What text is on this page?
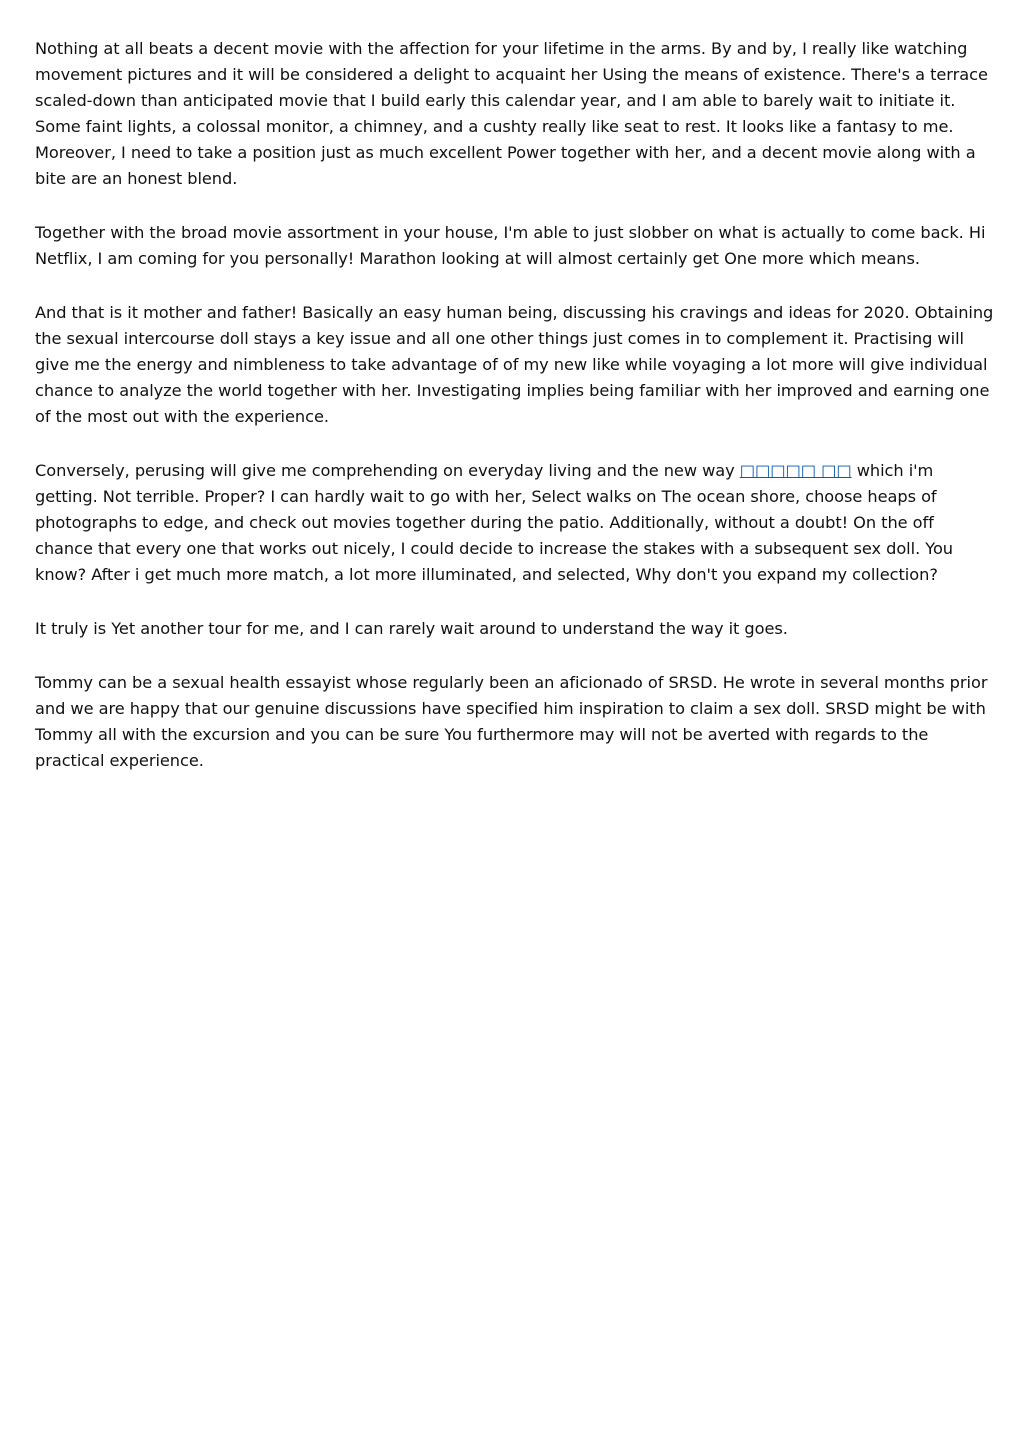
Nothing at all beats a decent movie with the affection for your lifetime in the arms. By and by, I really like watching movement pictures and it will be considered a delight to acquaint her Using the means of existence. There's a terrace scaled-down than anticipated movie that I build early this calendar year, and I am able to barely wait to initiate it. Some faint lights, a colossal monitor, a chimney, and a cushty really like seat to rest. It looks like a fantasy to me. Moreover, I need to take a position just as much excellent Power together with her, and a decent movie along with a bite are an honest blend.

Together with the broad movie assortment in your house, I'm able to just slobber on what is actually to come back. Hi Netflix, I am coming for you personally! Marathon looking at will almost certainly get One more which means.

And that is it mother and father! Basically an easy human being, discussing his cravings and ideas for 2020. Obtaining the sexual intercourse doll stays a key issue and all one other things just comes in to complement it. Practising will give me the energy and nimbleness to take advantage of of my new like while voyaging a lot more will give individual chance to analyze the world together with her. Investigating implies being familiar with her improved and earning one of the most out with the experience.

Conversely, perusing will give me comprehending on everyday living and the new way □□□□□ □□ which i'm getting. Not terrible. Proper? I can hardly wait to go with her, Select walks on The ocean shore, choose heaps of photographs to edge, and check out movies together during the patio. Additionally, without a doubt! On the off chance that every one that works out nicely, I could decide to increase the stakes with a subsequent sex doll. You know? After i get much more match, a lot more illuminated, and selected, Why don't you expand my collection?

It truly is Yet another tour for me, and I can rarely wait around to understand the way it goes.

Tommy can be a sexual health essayist whose regularly been an aficionado of SRSD. He wrote in several months prior and we are happy that our genuine discussions have specified him inspiration to claim a sex doll. SRSD might be with Tommy all with the excursion and you can be sure You furthermore may will not be averted with regards to the practical experience.
